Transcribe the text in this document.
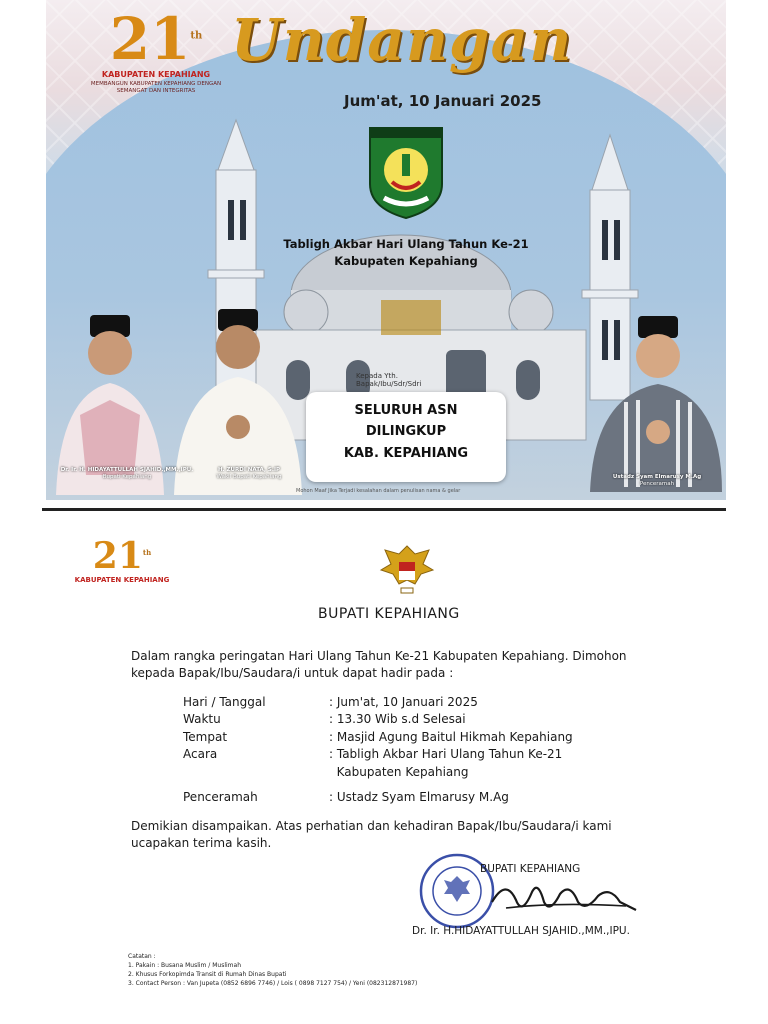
21th
KABUPATEN KEPAHIANG
MEMBANGUN KABUPATEN KEPAHIANG DENGAN SEMANGAT DAN INTEGRITAS
Undangan
Jum'at, 10 Januari 2025
Tabligh Akbar Hari Ulang Tahun Ke-21
Kabupaten Kepahiang
Dr. Ir. H. HIDAYATTULLAH SJAHID.,MM.,IPU.
Bupati Kepahiang
H. ZURDI NATA, S.IP
Wakil Bupati Kepahiang	Ustadz Syam Elmarusy M.Ag
Penceramah
Kepada Yth.
Bapak/Ibu/Sdr/Sdri
SELURUH ASN
DILINGKUP
KAB. KEPAHIANG
Mohon Maaf Jika Terjadi kesalahan dalam penulisan nama & gelar
21th
KABUPATEN KEPAHIANG
BUPATI KEPAHIANG
Dalam rangka peringatan Hari Ulang Tahun Ke-21 Kabupaten Kepahiang. Dimohon kepada Bapak/Ibu/Saudara/i untuk dapat hadir pada :
Hari / Tanggal	: Jum'at, 10 Januari 2025
Waktu	: 13.30 Wib s.d Selesai
Tempat	: Masjid Agung Baitul Hikmah Kepahiang
Acara	: Tabligh Akbar Hari Ulang Tahun Ke-21
Kabupaten Kepahiang
Penceramah	: Ustadz Syam Elmarusy M.Ag
Demikian disampaikan. Atas perhatian dan kehadiran Bapak/Ibu/Saudara/i kami ucapakan terima kasih.
BUPATI KEPAHIANG
Dr. Ir. H.HIDAYATTULLAH SJAHID.,MM.,IPU.
Catatan :
1. Pakain : Busana Muslim / Muslimah
2. Khusus Forkopimda Transit di Rumah Dinas Bupati
3. Contact Person : Van Jupeta (0852 6896 7746) / Lois ( 0898 7127 754) / Yeni (082312871987)
